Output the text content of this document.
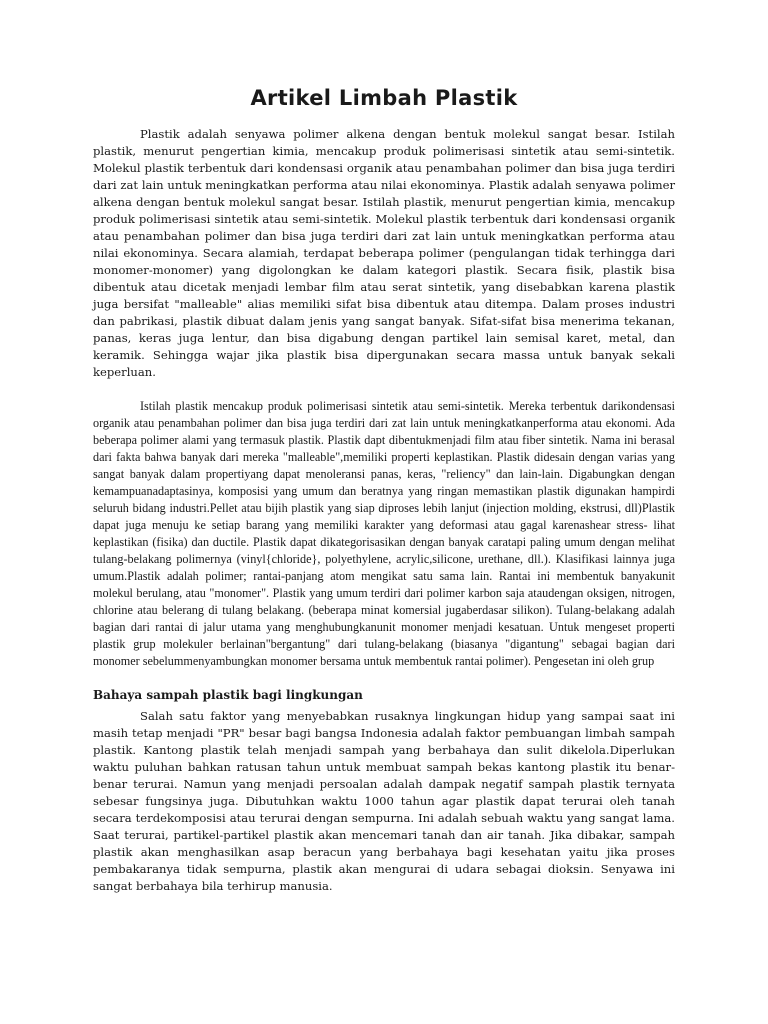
Artikel Limbah Plastik

Plastik adalah senyawa polimer alkena dengan bentuk molekul sangat besar. Istilah plastik, menurut pengertian kimia, mencakup produk polimerisasi sintetik atau semi-sintetik. Molekul plastik terbentuk dari kondensasi organik atau penambahan polimer dan bisa juga terdiri dari zat lain untuk meningkatkan performa atau nilai ekonominya. Plastik adalah senyawa polimer alkena dengan bentuk molekul sangat besar. Istilah plastik, menurut pengertian kimia, mencakup produk polimerisasi sintetik atau semi-sintetik. Molekul plastik terbentuk dari kondensasi organik atau penambahan polimer dan bisa juga terdiri dari zat lain untuk meningkatkan performa atau nilai ekonominya. Secara alamiah, terdapat beberapa polimer (pengulangan tidak terhingga dari monomer-monomer) yang digolongkan ke dalam kategori plastik. Secara fisik, plastik bisa dibentuk atau dicetak menjadi lembar film atau serat sintetik, yang disebabkan karena plastik juga bersifat "malleable" alias memiliki sifat bisa dibentuk atau ditempa. Dalam proses industri dan pabrikasi, plastik dibuat dalam jenis yang sangat banyak. Sifat-sifat bisa menerima tekanan, panas, keras juga lentur, dan bisa digabung dengan partikel lain semisal karet, metal, dan keramik. Sehingga wajar jika plastik bisa dipergunakan secara massa untuk banyak sekali keperluan.

Istilah plastik mencakup produk polimerisasi sintetik atau semi-sintetik. Mereka terbentuk darikondensasi organik atau penambahan polimer dan bisa juga terdiri dari zat lain untuk meningkatkanperforma atau ekonomi. Ada beberapa polimer alami yang termasuk plastik. Plastik dapt dibentukmenjadi film atau fiber sintetik. Nama ini berasal dari fakta bahwa banyak dari mereka "malleable",memiliki properti keplastikan. Plastik didesain dengan varias yang sangat banyak dalam propertiyang dapat menoleransi panas, keras, "reliency" dan lain-lain. Digabungkan dengan kemampuanadaptasinya, komposisi yang umum dan beratnya yang ringan memastikan plastik digunakan hampirdi seluruh bidang industri.Pellet atau bijih plastik yang siap diproses lebih lanjut (injection molding, ekstrusi, dll)Plastik dapat juga menuju ke setiap barang yang memiliki karakter yang deformasi atau gagal karenashear stress- lihat keplastikan (fisika) dan ductile. Plastik dapat dikategorisasikan dengan banyak caratapi paling umum dengan melihat tulang-belakang polimernya (vinyl{chloride}, polyethylene, acrylic,silicone, urethane, dll.). Klasifikasi lainnya juga umum.Plastik adalah polimer; rantai-panjang atom mengikat satu sama lain. Rantai ini membentuk banyakunit molekul berulang, atau "monomer". Plastik yang umum terdiri dari polimer karbon saja ataudengan oksigen, nitrogen, chlorine atau belerang di tulang belakang. (beberapa minat komersial jugaberdasar silikon). Tulang-belakang adalah bagian dari rantai di jalur utama yang menghubungkanunit monomer menjadi kesatuan. Untuk mengeset properti plastik grup molekuler berlainan"bergantung" dari tulang-belakang (biasanya "digantung" sebagai bagian dari monomer sebelummenyambungkan monomer bersama untuk membentuk rantai polimer). Pengesetan ini oleh grup

Bahaya sampah plastik bagi lingkungan

Salah satu faktor yang menyebabkan rusaknya lingkungan hidup yang sampai saat ini masih tetap menjadi "PR" besar bagi bangsa Indonesia adalah faktor pembuangan limbah sampah plastik. Kantong plastik telah menjadi sampah yang berbahaya dan sulit dikelola.Diperlukan waktu puluhan bahkan ratusan tahun untuk membuat sampah bekas kantong plastik itu benar-benar terurai. Namun yang menjadi persoalan adalah dampak negatif sampah plastik ternyata sebesar fungsinya juga. Dibutuhkan waktu 1000 tahun agar plastik dapat terurai oleh tanah secara terdekomposisi atau terurai dengan sempurna. Ini adalah sebuah waktu yang sangat lama. Saat terurai, partikel-partikel plastik akan mencemari tanah dan air tanah. Jika dibakar, sampah plastik akan menghasilkan asap beracun yang berbahaya bagi kesehatan yaitu jika proses pembakaranya tidak sempurna, plastik akan mengurai di udara sebagai dioksin. Senyawa ini sangat berbahaya bila terhirup manusia.
